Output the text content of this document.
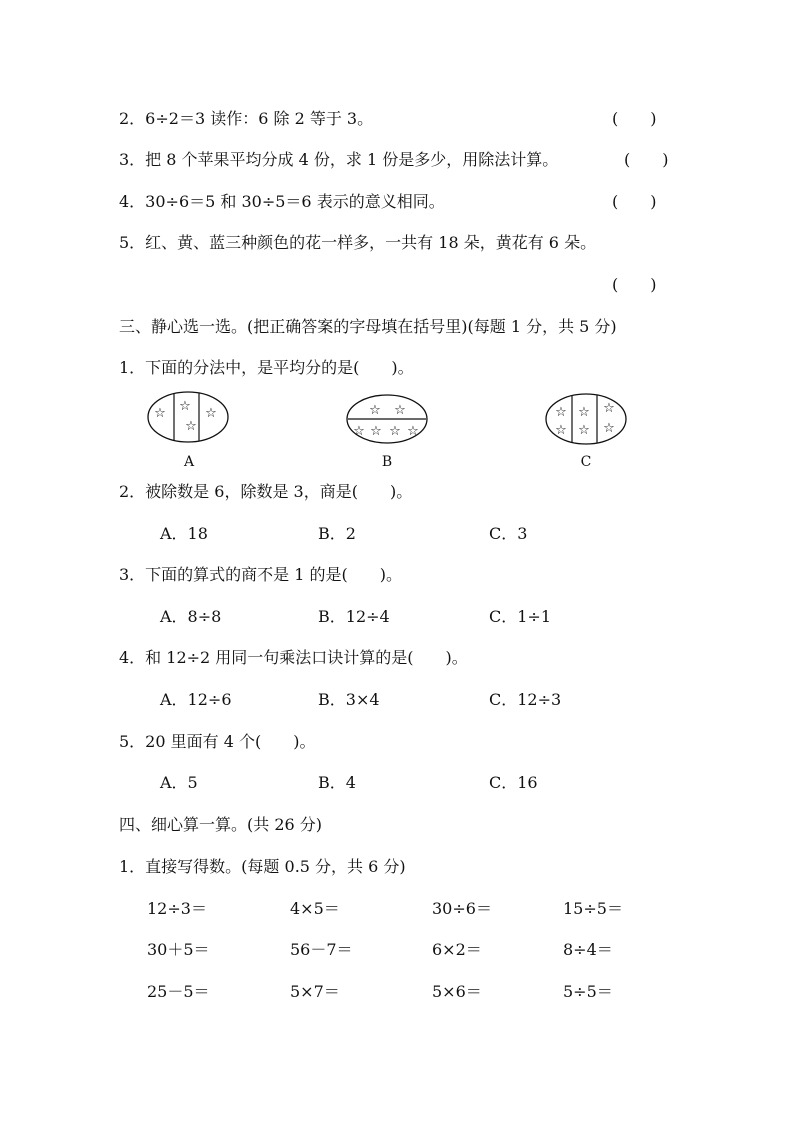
2．6÷2＝3 读作：6 除 2 等于 3。	(　　)
3．把 8 个苹果平均分成 4 份，求 1 份是多少，用除法计算。	(　　)
4．30÷6＝5 和 30÷5＝6 表示的意义相同。	(　　)
5．红、黄、蓝三种颜色的花一样多，一共有 18 朵，黄花有 6 朵。
(　　)
三、静心选一选。(把正确答案的字母填在括号里)(每题 1 分，共 5 分)
1．下面的分法中，是平均分的是(　　)。
☆ ☆
☆
☆
A
☆ ☆
☆ ☆ ☆ ☆
B
☆
☆
☆
☆
☆
☆
C
2．被除数是 6，除数是 3，商是(　　)。
A．18	B．2	C．3
3．下面的算式的商不是 1 的是(　　)。
A．8÷8	B．12÷4	C．1÷1
4．和 12÷2 用同一句乘法口诀计算的是(　　)。
A．12÷6	B．3×4	C．12÷3
5．20 里面有 4 个(　　)。
A．5	B．4	C．16
四、细心算一算。(共 26 分)
1．直接写得数。(每题 0.5 分，共 6 分)
12÷3＝	4×5＝	30÷6＝	15÷5＝
30＋5＝	56－7＝	6×2＝	8÷4＝
25－5＝	5×7＝	5×6＝	5÷5＝
